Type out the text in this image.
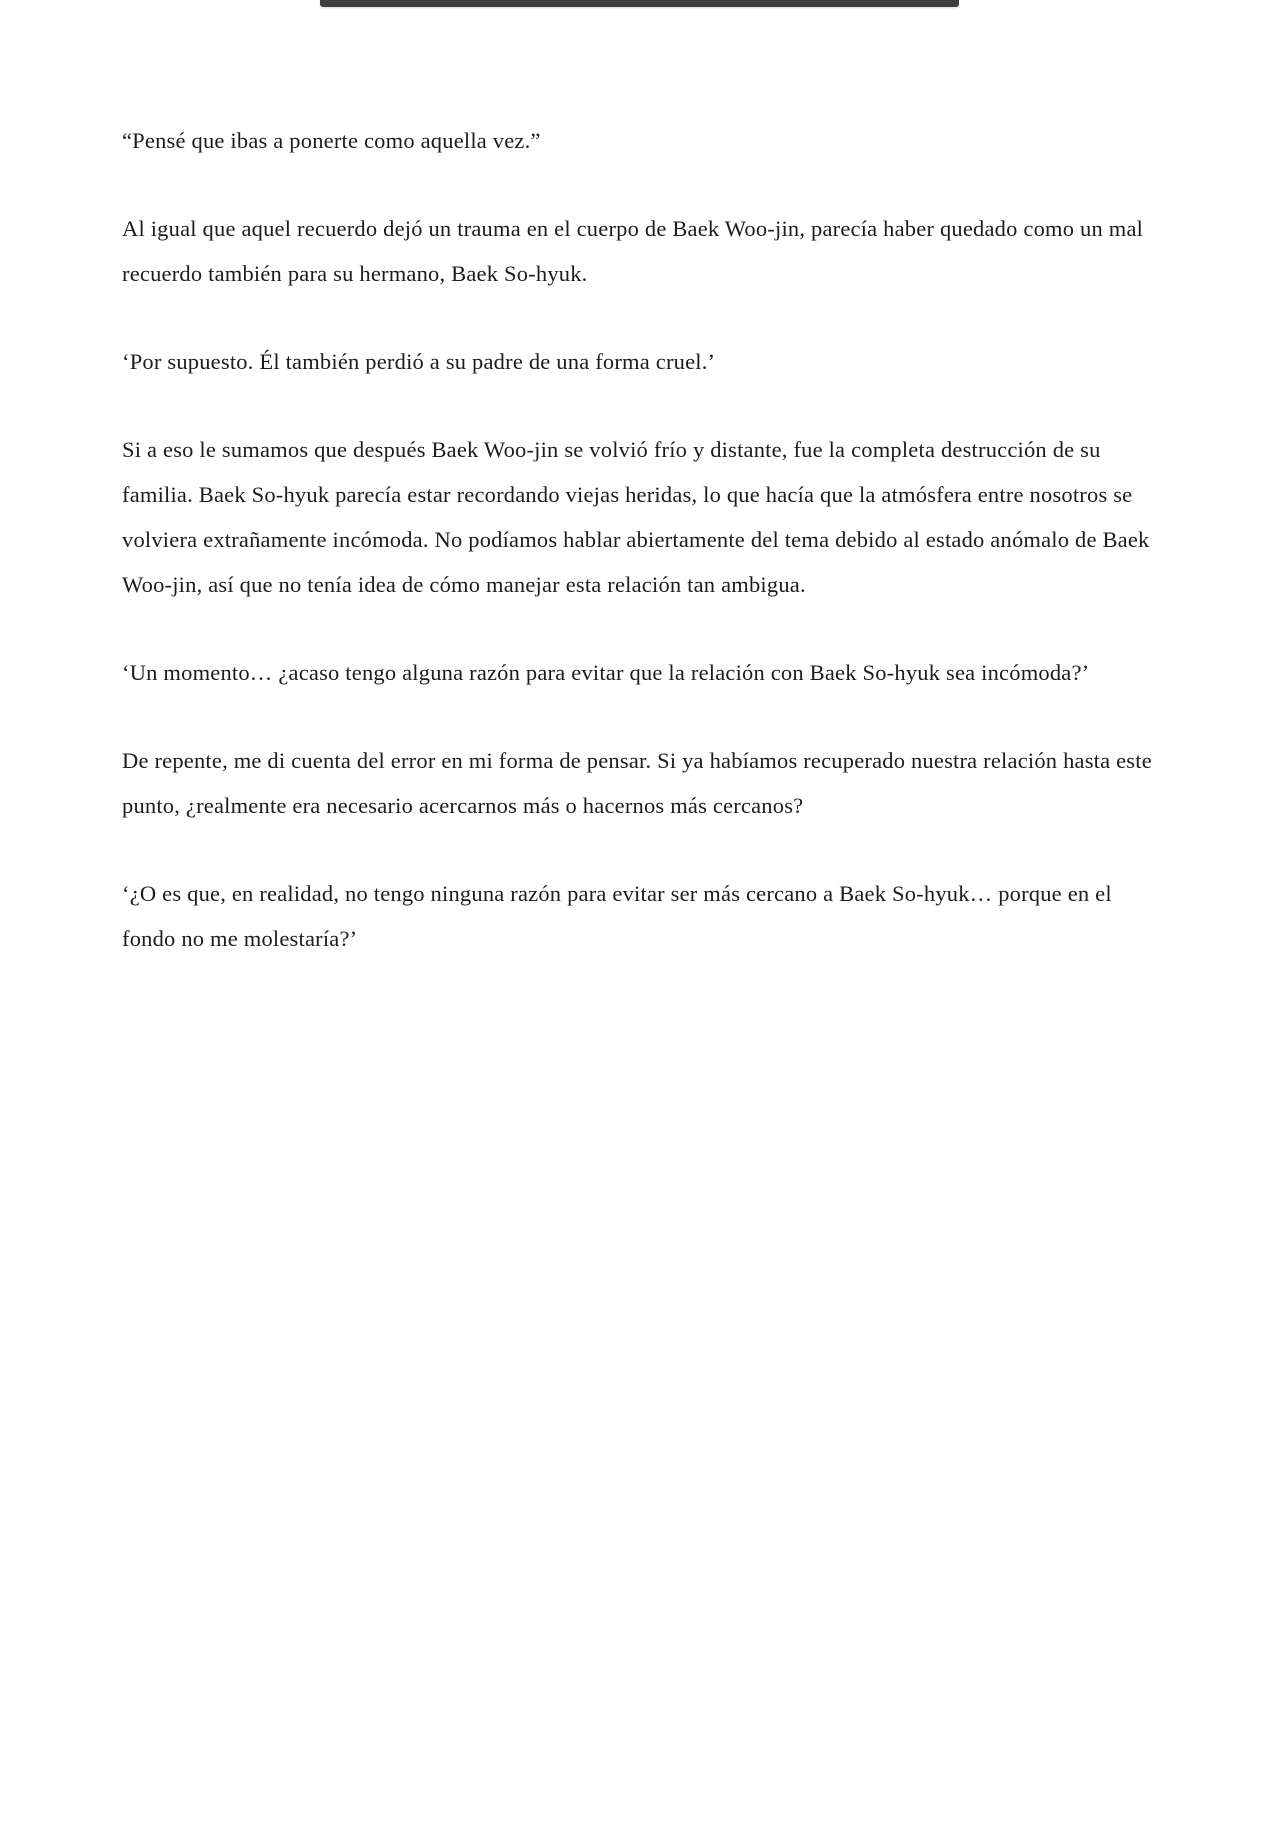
“Pensé que ibas a ponerte como aquella vez.”

Al igual que aquel recuerdo dejó un trauma en el cuerpo de Baek Woo-jin, parecía haber quedado como un mal recuerdo también para su hermano, Baek So-hyuk.

‘Por supuesto. Él también perdió a su padre de una forma cruel.’

Si a eso le sumamos que después Baek Woo-jin se volvió frío y distante, fue la completa destrucción de su familia. Baek So-hyuk parecía estar recordando viejas heridas, lo que hacía que la atmósfera entre nosotros se volviera extrañamente incómoda. No podíamos hablar abiertamente del tema debido al estado anómalo de Baek Woo-jin, así que no tenía idea de cómo manejar esta relación tan ambigua.

‘Un momento… ¿acaso tengo alguna razón para evitar que la relación con Baek So-hyuk sea incómoda?’

De repente, me di cuenta del error en mi forma de pensar. Si ya habíamos recuperado nuestra relación hasta este punto, ¿realmente era necesario acercarnos más o hacernos más cercanos?

‘¿O es que, en realidad, no tengo ninguna razón para evitar ser más cercano a Baek So-hyuk… porque en el fondo no me molestaría?’
